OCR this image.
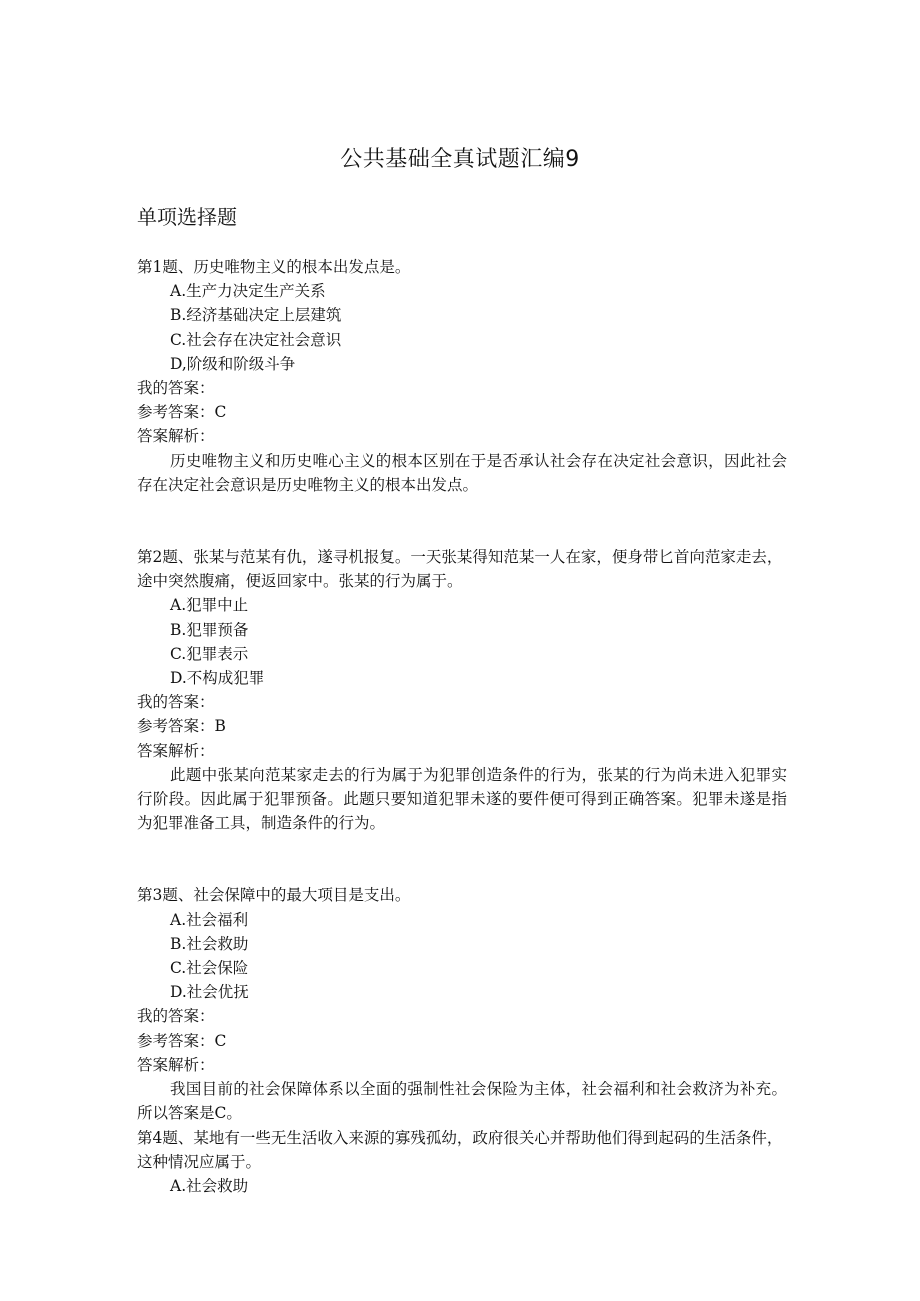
公共基础全真试题汇编9
单项选择题

第1题、历史唯物主义的根本出发点是。

A.生产力决定生产关系
B.经济基础决定上层建筑
C.社会存在决定社会意识
D,阶级和阶级斗争

我的答案：

参考答案：C

答案解析：

历史唯物主义和历史唯心主义的根本区别在于是否承认社会存在决定社会意识，因此社会存在决定社会意识是历史唯物主义的根本出发点。

第2题、张某与范某有仇，遂寻机报复。一天张某得知范某一人在家，便身带匕首向范家走去，途中突然腹痛，便返回家中。张某的行为属于。

A.犯罪中止
B.犯罪预备
C.犯罪表示
D.不构成犯罪

我的答案：

参考答案：B

答案解析：

此题中张某向范某家走去的行为属于为犯罪创造条件的行为，张某的行为尚未进入犯罪实行阶段。因此属于犯罪预备。此题只要知道犯罪未遂的要件便可得到正确答案。犯罪未遂是指为犯罪准备工具，制造条件的行为。

第3题、社会保障中的最大项目是支出。

A.社会福利
B.社会救助
C.社会保险
D.社会优抚

我的答案：

参考答案：C

答案解析：

我国目前的社会保障体系以全面的强制性社会保险为主体，社会福利和社会救济为补充。所以答案是C。

第4题、某地有一些无生活收入来源的寡残孤幼，政府很关心并帮助他们得到起码的生活条件，这种情况应属于。

A.社会救助
